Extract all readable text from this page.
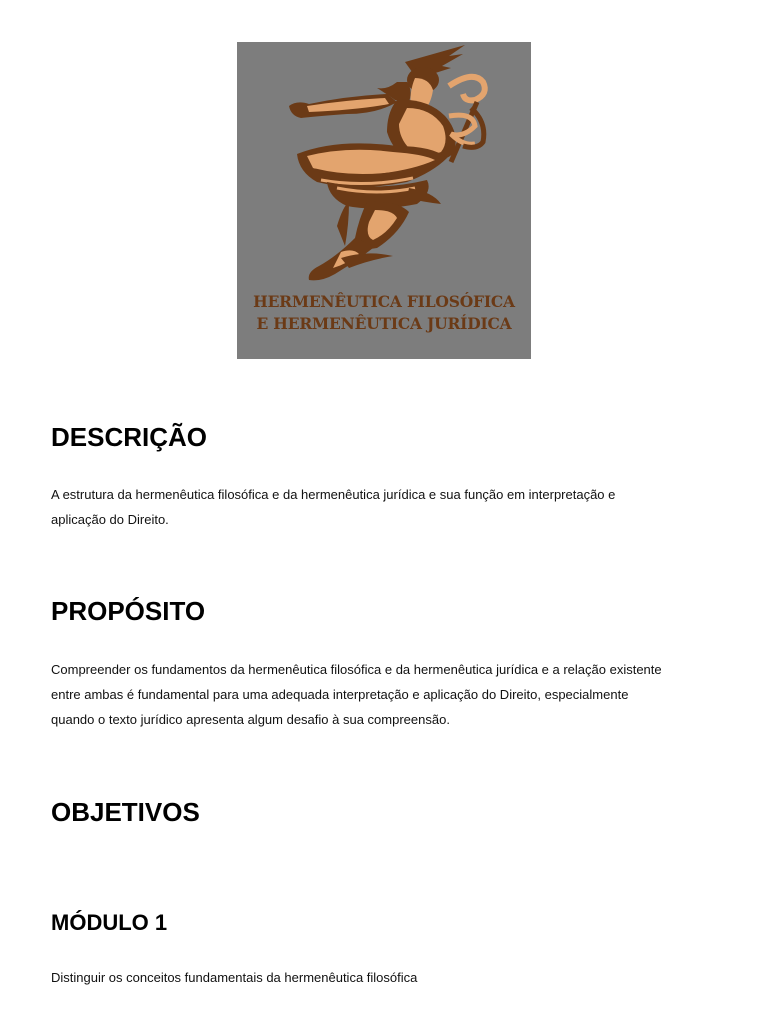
HERMENÊUTICA FILOSÓFICA
E HERMENÊUTICA JURÍDICA
DESCRIÇÃO

A estrutura da hermenêutica filosófica e da hermenêutica jurídica e sua função em interpretação e
aplicação do Direito.

PROPÓSITO

Compreender os fundamentos da hermenêutica filosófica e da hermenêutica jurídica e a relação existente
entre ambas é fundamental para uma adequada interpretação e aplicação do Direito, especialmente
quando o texto jurídico apresenta algum desafio à sua compreensão.

OBJETIVOS
MÓDULO 1

Distinguir os conceitos fundamentais da hermenêutica filosófica
